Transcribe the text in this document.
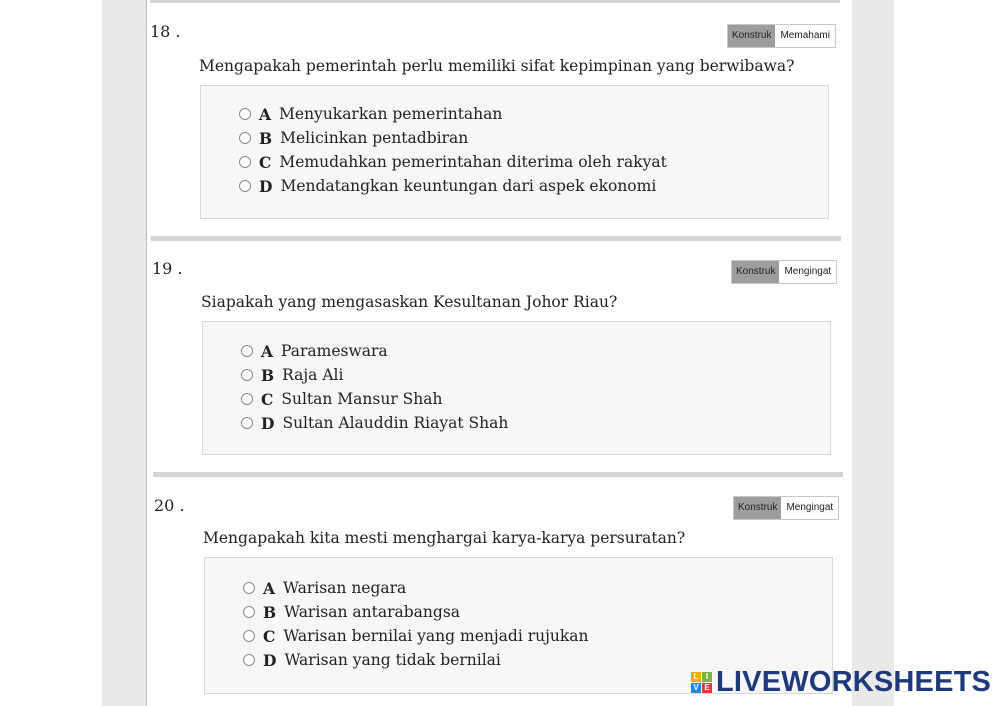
18 .	Konstruk Memahami
Mengapakah pemerintah perlu memiliki sifat kepimpinan yang berwibawa?
A Menyukarkan pemerintahan
B Melicinkan pentadbiran
C Memudahkan pemerintahan diterima oleh rakyat
D Mendatangkan keuntungan dari aspek ekonomi
19 .	Konstruk Mengingat
Siapakah yang mengasaskan Kesultanan Johor Riau?
A Parameswara
B Raja Ali
C Sultan Mansur Shah
D Sultan Alauddin Riayat Shah
20 .	Konstruk Mengingat
Mengapakah kita mesti menghargai karya-karya persuratan?
A Warisan negara
B Warisan antarabangsa
C Warisan bernilai yang menjadi rujukan
D Warisan yang tidak bernilai
L I
V E LIVEWORKSHEETS
